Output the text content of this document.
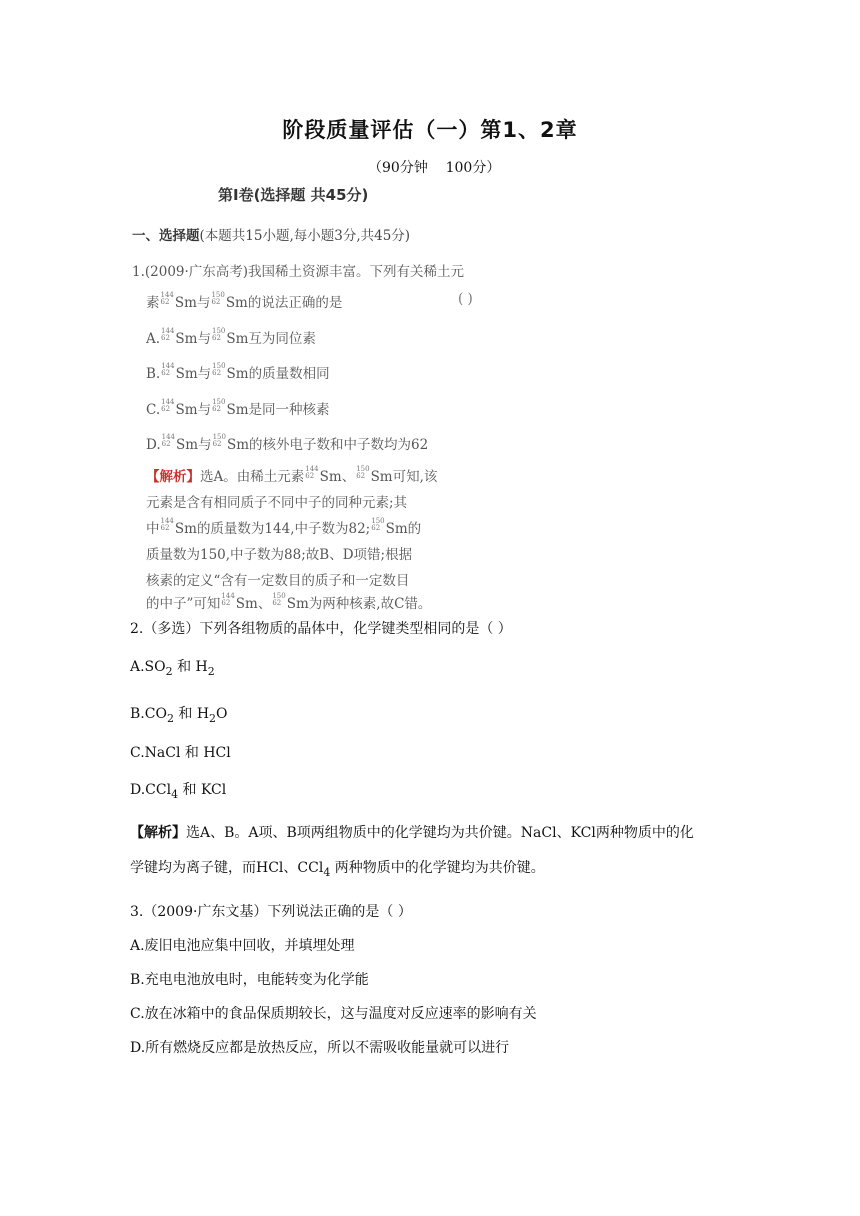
阶段质量评估（一）第1、2章
（90分钟    100分）
第Ⅰ卷(选择题 共45分)
一、选择题(本题共15小题,每小题3分,共45分)
1.(2009·广东高考)我国稀土资源丰富。下列有关稀土元
素 144
62 Sm与 150
62 Sm的说法正确的是	( )
A. 144
62 Sm与 150
62 Sm互为同位素
B. 144
62 Sm与 150
62 Sm的质量数相同
C. 144
62 Sm与 150
62 Sm是同一种核素
D. 144
62 Sm与 150
62 Sm的核外电子数和中子数均为62
【解析】选A。由稀土元素 144
62 Sm、 150
62 Sm可知,该
元素是含有相同质子不同中子的同种元素;其
中 144
62 Sm的质量数为144,中子数为82; 150
62 Sm的
质量数为150,中子数为88;故B、D项错;根据
核素的定义“含有一定数目的质子和一定数目
的中子”可知 144
62 Sm、 150
62 Sm为两种核素,故C错。
2.（多选）下列各组物质的晶体中，化学键类型相同的是（ ）
$A.SO_2$ 和 $H_2$
$B.CO_2$ 和 $H_2O$
C.NaCl 和 HCl
D.CCl$_4$ 和 KCl
【解析】选A、B。A项、B项两组物质中的化学键均为共价键。NaCl、KCl两种物质中的化
学键均为离子键，而HCl、CCl$_4$ 两种物质中的化学键均为共价键。
3.（2009·广东文基）下列说法正确的是（ ）
A.废旧电池应集中回收，并填埋处理
B.充电电池放电时，电能转变为化学能
C.放在冰箱中的食品保质期较长，这与温度对反应速率的影响有关
D.所有燃烧反应都是放热反应，所以不需吸收能量就可以进行
